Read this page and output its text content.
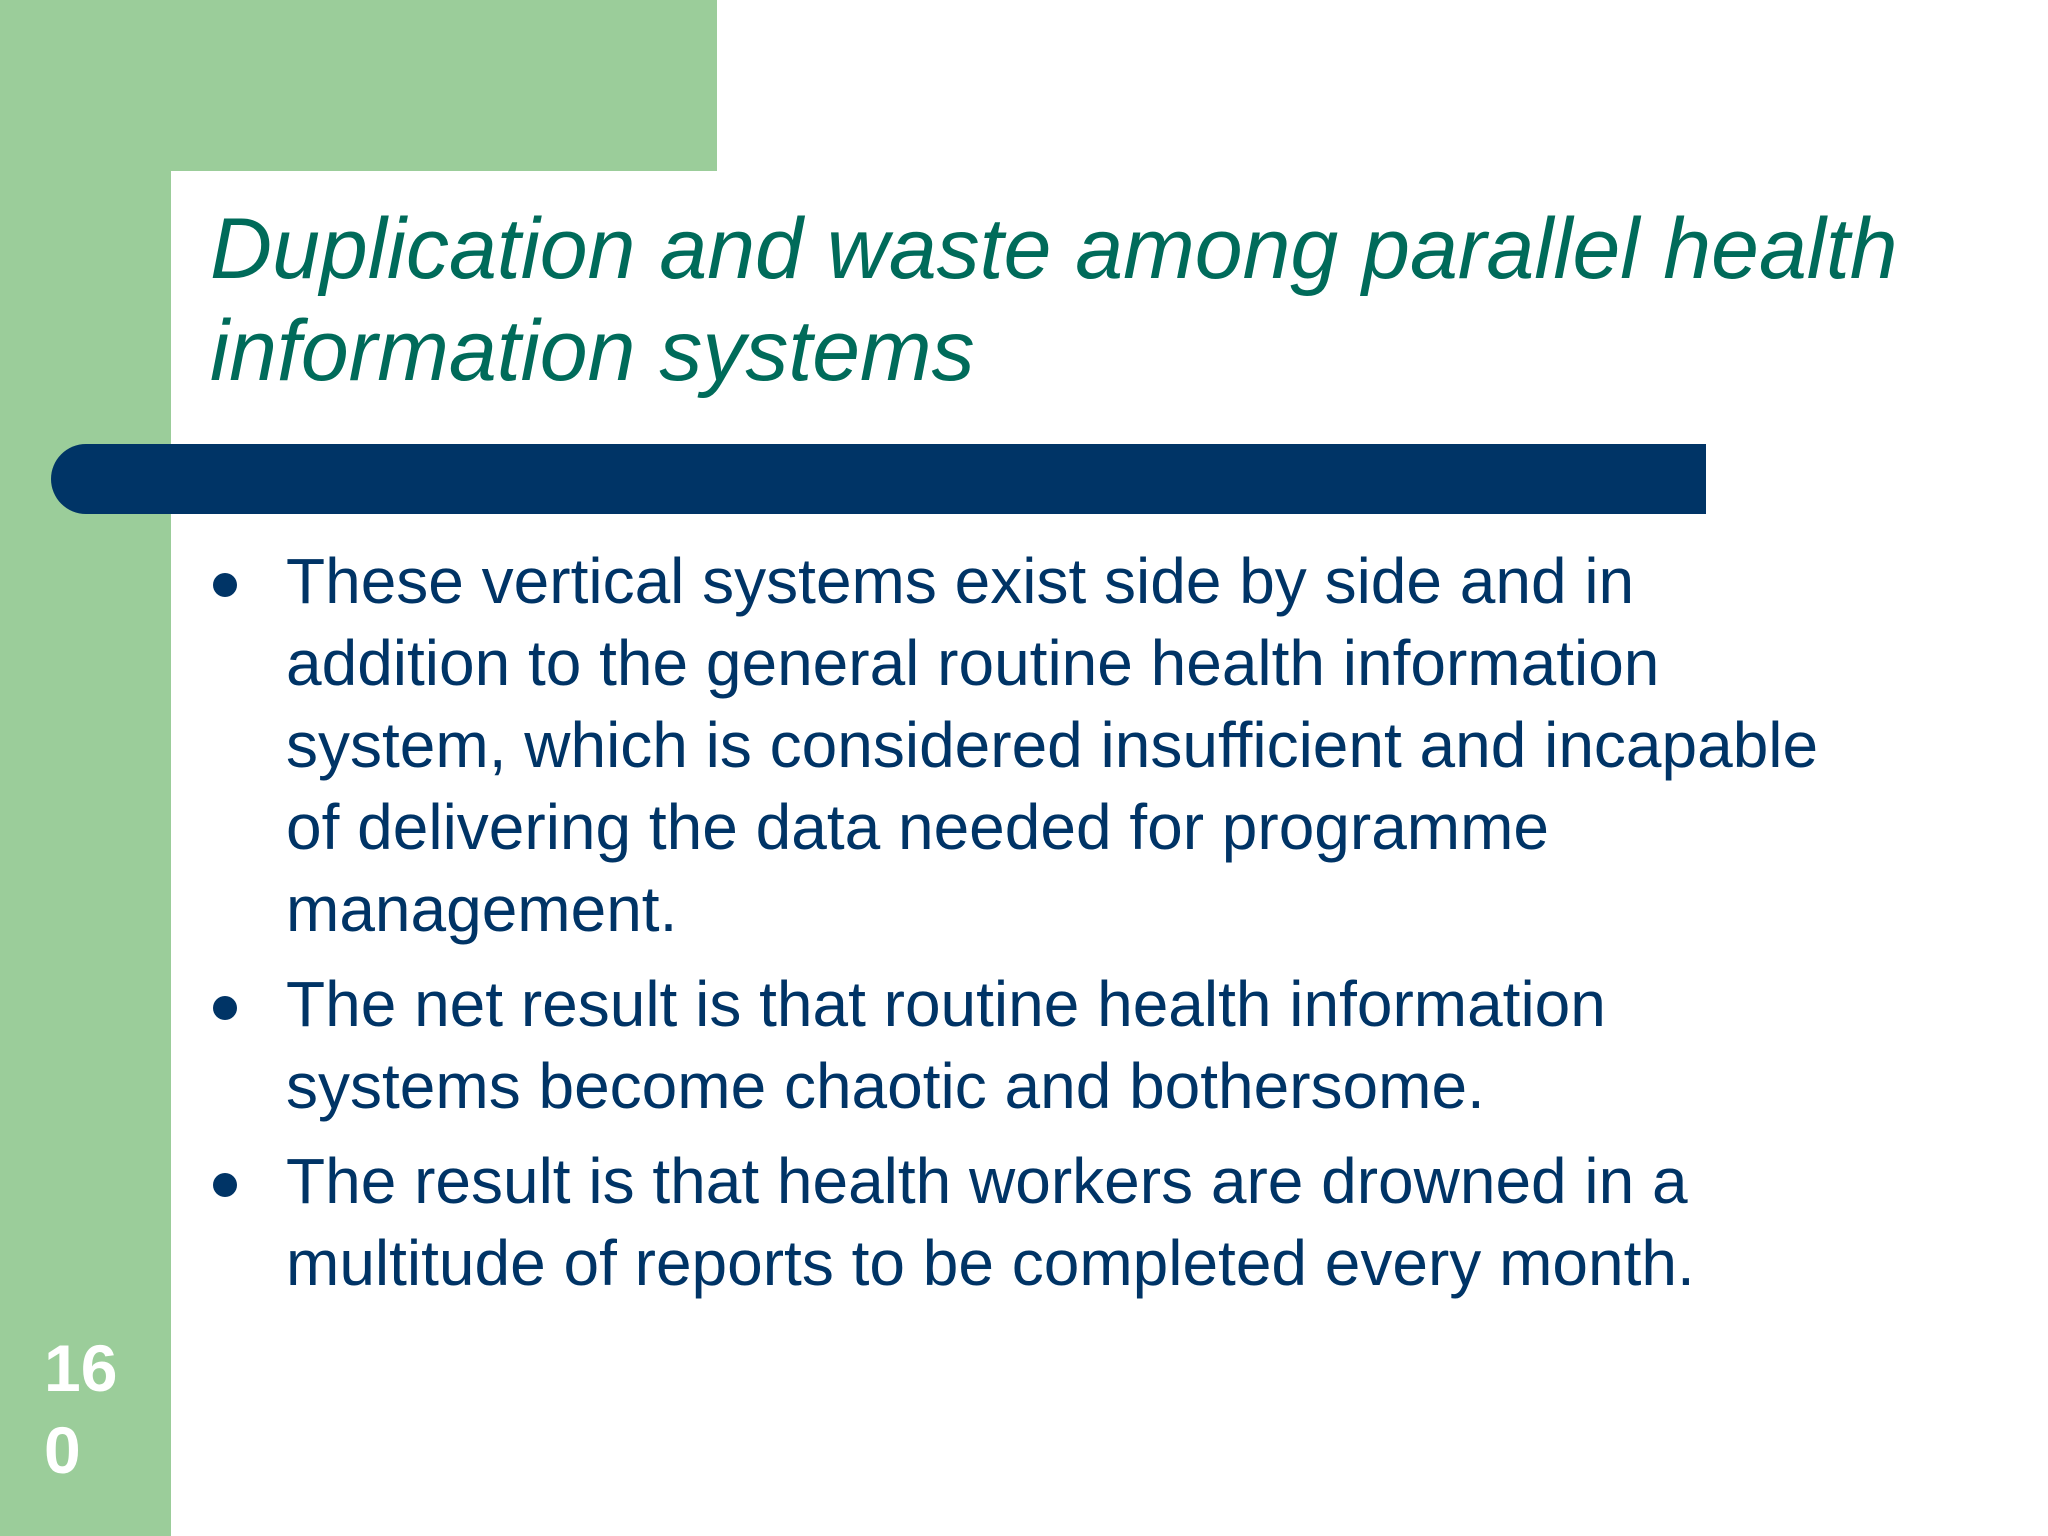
Duplication and waste among parallel health information systems
These vertical systems exist side by side and in addition to the general routine health information system, which is considered insufficient and incapable of delivering the data needed for programme management.
The net result is that routine health information systems become chaotic and bothersome.
The result is that health workers are drowned in a multitude of reports to be completed every month.
160
